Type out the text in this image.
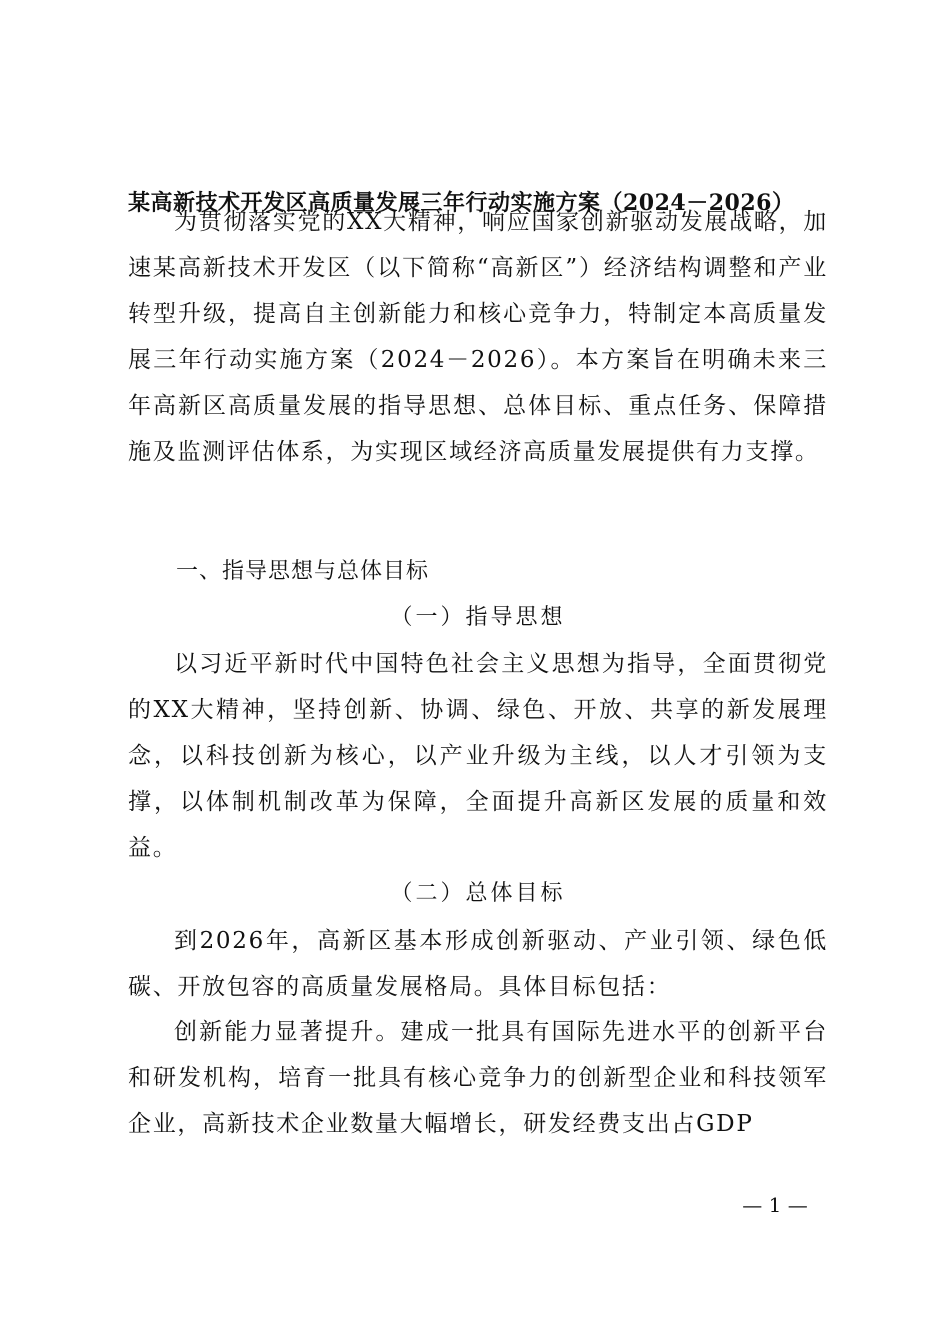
某高新技术开发区高质量发展三年行动实施方案（2024－2026）

为贯彻落实党的XX大精神，响应国家创新驱动发展战略，加速某高新技术开发区（以下简称“高新区”）经济结构调整和产业转型升级，提高自主创新能力和核心竞争力，特制定本高质量发展三年行动实施方案（2024－2026）。本方案旨在明确未来三年高新区高质量发展的指导思想、总体目标、重点任务、保障措施及监测评估体系，为实现区域经济高质量发展提供有力支撑。

一、指导思想与总体目标
（一）指导思想

以习近平新时代中国特色社会主义思想为指导，全面贯彻党的XX大精神，坚持创新、协调、绿色、开放、共享的新发展理念，以科技创新为核心，以产业升级为主线，以人才引领为支撑，以体制机制改革为保障，全面提升高新区发展的质量和效益。

（二）总体目标

到2026年，高新区基本形成创新驱动、产业引领、绿色低碳、开放包容的高质量发展格局。具体目标包括：

创新能力显著提升。建成一批具有国际先进水平的创新平台和研发机构，培育一批具有核心竞争力的创新型企业和科技领军企业，高新技术企业数量大幅增长，研发经费支出占GDP

— 1 —
